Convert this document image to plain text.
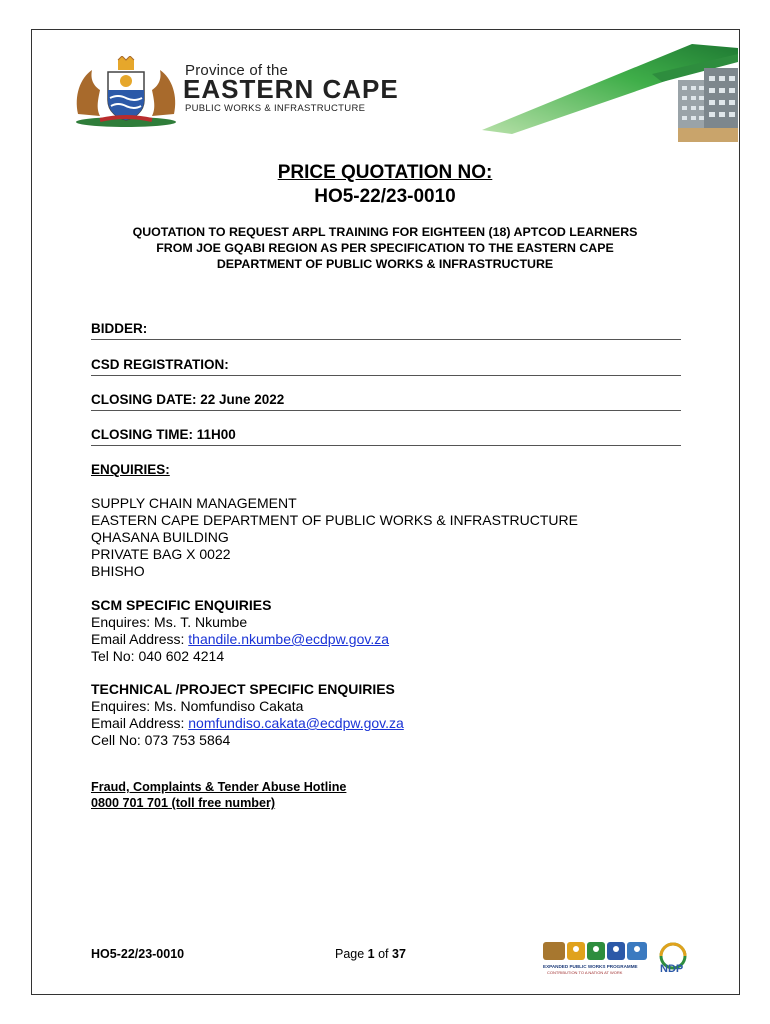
Province of the
EASTERN CAPE
PUBLIC WORKS & INFRASTRUCTURE
PRICE QUOTATION NO:
HO5-22/23-0010
QUOTATION TO REQUEST ARPL TRAINING FOR EIGHTEEN (18) APTCOD LEARNERS
FROM JOE GQABI REGION AS PER SPECIFICATION TO THE EASTERN CAPE
DEPARTMENT OF PUBLIC WORKS & INFRASTRUCTURE
BIDDER:
CSD REGISTRATION:
CLOSING DATE: 22 June 2022
CLOSING TIME: 11H00
ENQUIRIES:
SUPPLY CHAIN MANAGEMENT
EASTERN CAPE DEPARTMENT OF PUBLIC WORKS & INFRASTRUCTURE
QHASANA BUILDING
PRIVATE BAG X 0022
BHISHO
SCM SPECIFIC ENQUIRIES
Enquires: Ms. T. Nkumbe
Email Address: thandile.nkumbe@ecdpw.gov.za
Tel No: 040 602 4214
TECHNICAL /PROJECT SPECIFIC ENQUIRIES
Enquires: Ms. Nomfundiso Cakata
Email Address: nomfundiso.cakata@ecdpw.gov.za
Cell No: 073 753 5864
Fraud, Complaints & Tender Abuse Hotline
0800 701 701 (toll free number)
HO5-22/23-0010	Page 1 of 37
EXPANDED PUBLIC WORKS PROGRAMME
CONTRIBUTION TO A NATION AT WORK	NDP
